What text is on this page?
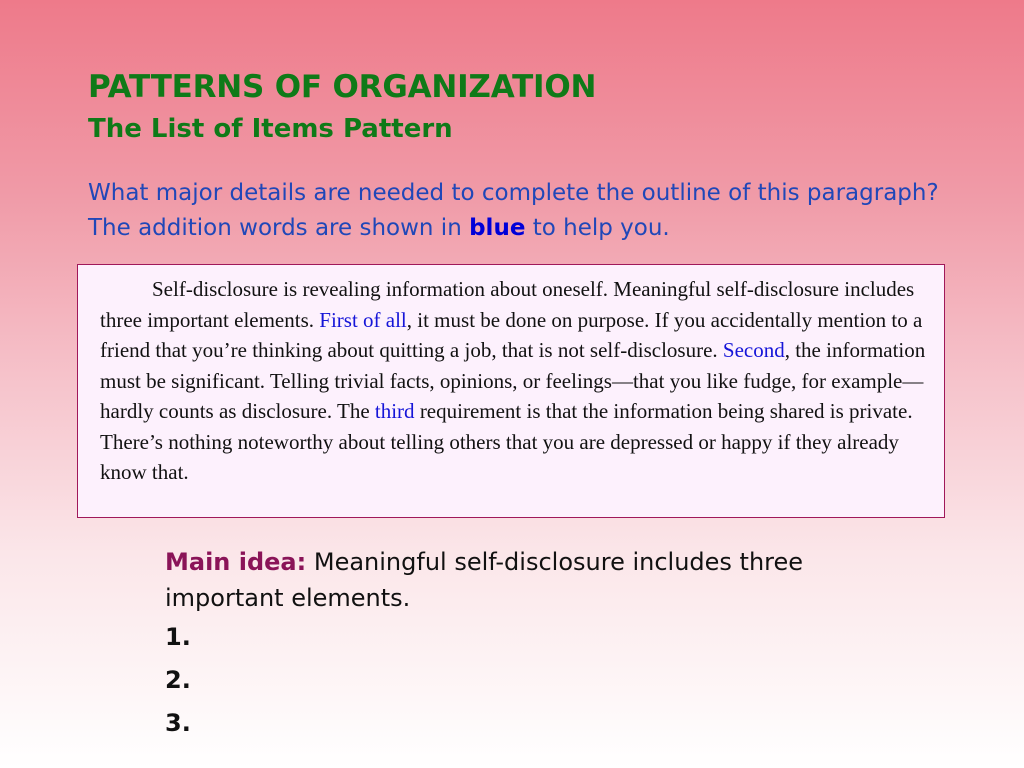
PATTERNS OF ORGANIZATION
The List of Items Pattern

What major details are needed to complete the outline of this paragraph? The addition words are shown in blue to help you.

Self-disclosure is revealing information about oneself. Meaningful self-disclosure includes three important elements. First of all, it must be done on purpose. If you accidentally mention to a friend that you’re thinking about quitting a job, that is not self-disclosure. Second, the information must be significant. Telling trivial facts, opinions, or feelings—that you like fudge, for example—hardly counts as disclosure. The third requirement is that the information being shared is private. There’s nothing noteworthy about telling others that you are depressed or happy if they already know that.

Main idea: Meaningful self-disclosure includes three important elements.

1.

2.

3.
